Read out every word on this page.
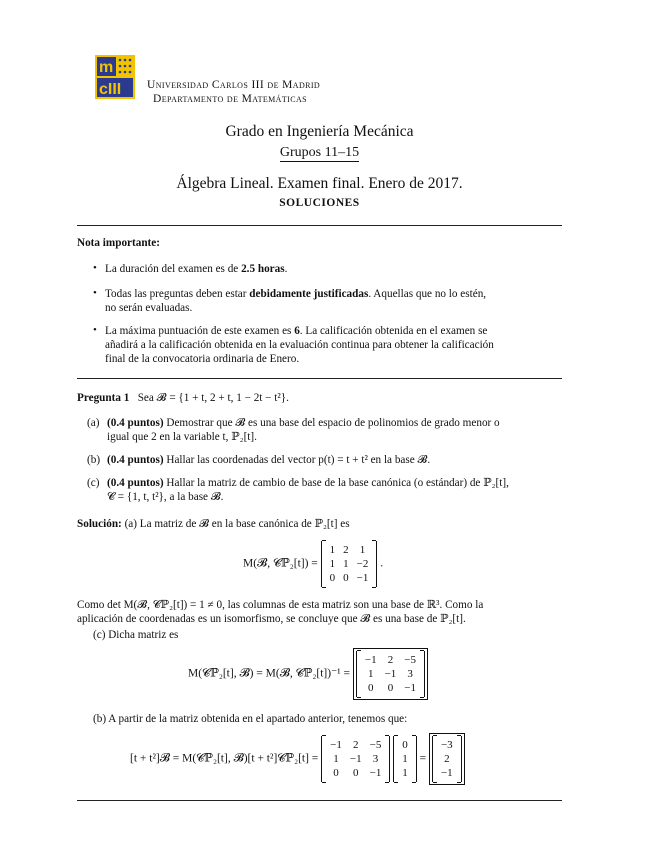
m
cIII Universidad Carlos III de Madrid
Departamento de Matemáticas
Grado en Ingeniería Mecánica
Grupos 11–15
Álgebra Lineal. Examen final. Enero de 2017.
SOLUCIONES
Nota importante:
• La duración del examen es de 2.5 horas.
• Todas las preguntas deben estar debidamente justificadas. Aquellas que no lo estén,
no serán evaluadas.
• La máxima puntuación de este examen es 6. La calificación obtenida en el examen se
añadirá a la calificación obtenida en la evaluación continua para obtener la calificación
final de la convocatoria ordinaria de Enero.
Pregunta 1 Sea 𝓑 = {1 + t, 2 + t, 1 − 2t − t²}.
(a) (0.4 puntos) Demostrar que 𝓑 es una base del espacio de polinomios de grado menor o
igual que 2 en la variable t, ℙ₂[t].
(b) (0.4 puntos) Hallar las coordenadas del vector p(t) = t + t² en la base 𝓑.
(c) (0.4 puntos) Hallar la matriz de cambio de base de la base canónica (o estándar) de ℙ₂[t],
𝓒 = {1, t, t²}, a la base 𝓑.
Solución: (a) La matriz de 𝓑 en la base canónica de ℙ₂[t] es
M(𝓑, 𝓒ℙ₂[t]) =
1	2	1
1	1	−2
0	0	−1
.
Como det M(𝓑, 𝓒ℙ₂[t]) = 1 ≠ 0, las columnas de esta matriz son una base de ℝ³. Como la
aplicación de coordenadas es un isomorfismo, se concluye que 𝓑 es una base de ℙ₂[t].
(c) Dicha matriz es
M(𝓒ℙ₂[t], 𝓑) = M(𝓑, 𝓒ℙ₂[t])⁻¹ =
−1	2	−5
1	−1	3
0	0	−1
(b) A partir de la matriz obtenida en el apartado anterior, tenemos que:
[t + t²]𝓑 = M(𝓒ℙ₂[t], 𝓑)[t + t²]𝓒ℙ₂[t] =
−1	2	−5
1	−1	3
0	0	−1

0
1
1
=
−3
2
−1
